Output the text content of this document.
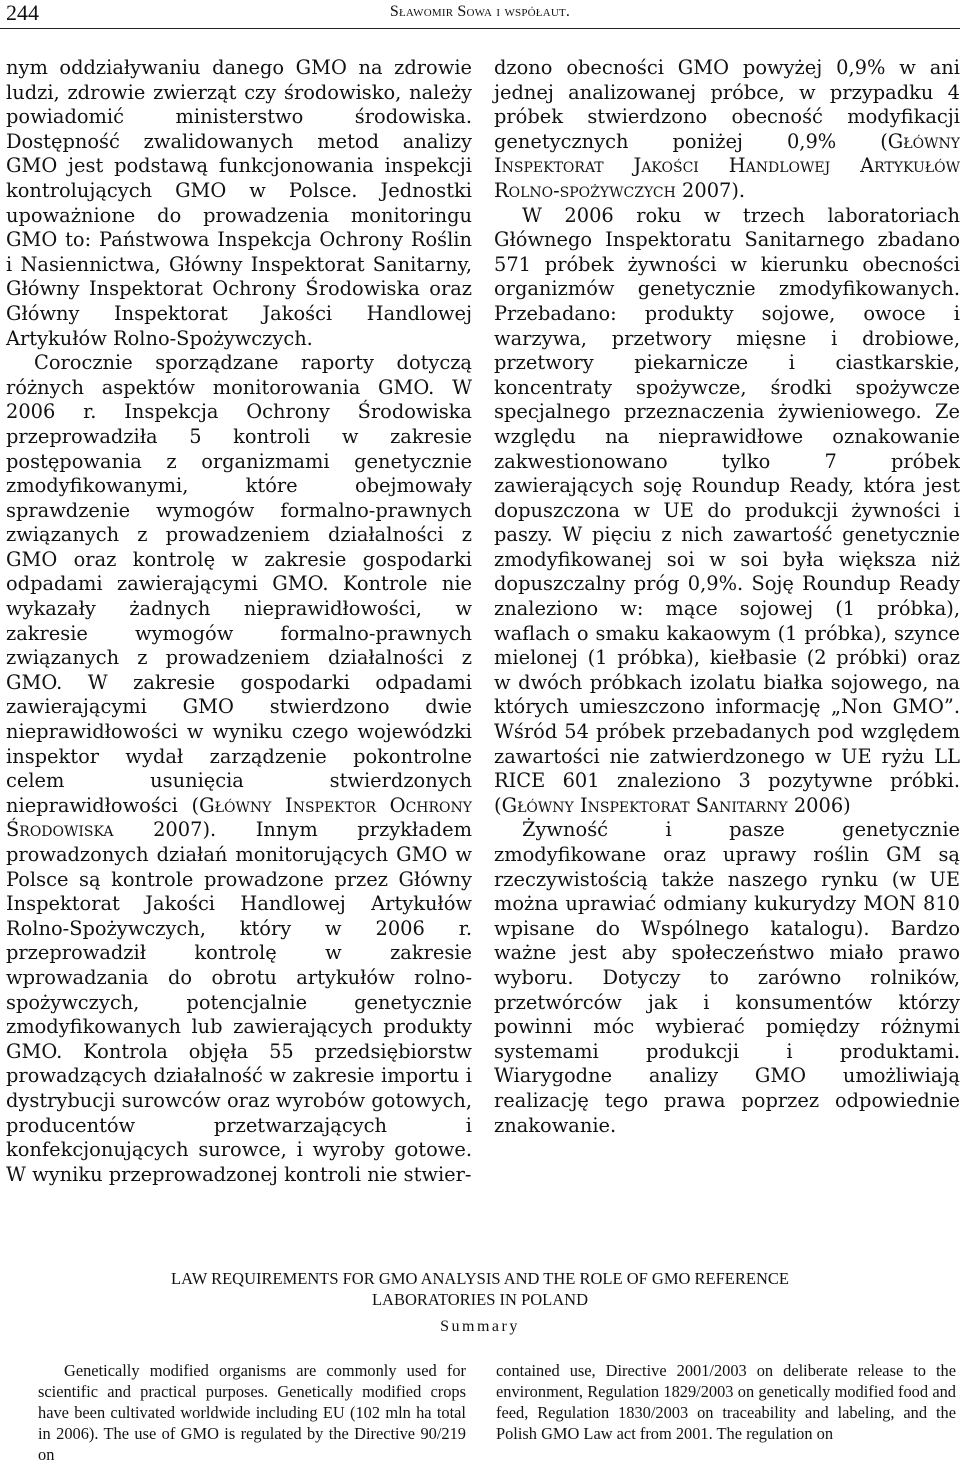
244	Sławomir Sowa i współaut.

nym oddziaływaniu danego GMO na zdrowie ludzi, zdrowie zwierząt czy środowisko, należy powiadomić ministerstwo środowiska. Dostępność zwalidowanych metod analizy GMO jest podstawą funkcjonowania inspekcji kontrolujących GMO w Polsce. Jednostki upoważnione do prowadzenia monitoringu GMO to: Państwowa Inspekcja Ochrony Roślin i Nasiennictwa, Główny Inspektorat Sanitarny, Główny Inspektorat Ochrony Środowiska oraz Główny Inspektorat Jakości Handlowej Artykułów Rolno-Spożywczych.

Corocznie sporządzane raporty dotyczą różnych aspektów monitorowania GMO. W 2006 r. Inspekcja Ochrony Środowiska przeprowadziła 5 kontroli w zakresie postępowania z organizmami genetycznie zmodyfikowanymi, które obejmowały sprawdzenie wymogów formalno-prawnych związanych z prowadzeniem działalności z GMO oraz kontrolę w zakresie gospodarki odpadami zawierającymi GMO. Kontrole nie wykazały żadnych nieprawidłowości, w zakresie wymogów formalno-prawnych związanych z prowadzeniem działalności z GMO. W zakresie gospodarki odpadami zawierającymi GMO stwierdzono dwie nieprawidłowości w wyniku czego wojewódzki inspektor wydał zarządzenie pokontrolne celem usunięcia stwierdzonych nieprawidłowości (Główny Inspektor Ochrony Środowiska 2007). Innym przykładem prowadzonych działań monitorujących GMO w Polsce są kontrole prowadzone przez Główny Inspektorat Jakości Handlowej Artykułów Rolno-Spożywczych, który w 2006 r. przeprowadził kontrolę w zakresie wprowadzania do obrotu artykułów rolno-spożywczych, potencjalnie genetycznie zmodyfikowanych lub zawierających produkty GMO. Kontrola objęła 55 przedsiębiorstw prowadzących działalność w zakresie importu i dystrybucji surowców oraz wyrobów gotowych, producentów przetwarzających i konfekcjonujących surowce, i wyroby gotowe. W wyniku przeprowadzonej kontroli nie stwier-

dzono obecności GMO powyżej 0,9% w ani jednej analizowanej próbce, w przypadku 4 próbek stwierdzono obecność modyfikacji genetycznych poniżej 0,9% (Główny Inspektorat Jakości Handlowej Artykułów Rolno-spożywczych 2007).

W 2006 roku w trzech laboratoriach Głównego Inspektoratu Sanitarnego zbadano 571 próbek żywności w kierunku obecności organizmów genetycznie zmodyfikowanych. Przebadano: produkty sojowe, owoce i warzywa, przetwory mięsne i drobiowe, przetwory piekarnicze i ciastkarskie, koncentraty spożywcze, środki spożywcze specjalnego przeznaczenia żywieniowego. Ze względu na nieprawidłowe oznakowanie zakwestionowano tylko 7 próbek zawierających soję Roundup Ready, która jest dopuszczona w UE do produkcji żywności i paszy. W pięciu z nich zawartość genetycznie zmodyfikowanej soi w soi była większa niż dopuszczalny próg 0,9%. Soję Roundup Ready znaleziono w: mące sojowej (1 próbka), waflach o smaku kakaowym (1 próbka), szynce mielonej (1 próbka), kiełbasie (2 próbki) oraz w dwóch próbkach izolatu białka sojowego, na których umieszczono informację „Non GMO”. Wśród 54 próbek przebadanych pod względem zawartości nie zatwierdzonego w UE ryżu LL RICE 601 znaleziono 3 pozytywne próbki. (Główny Inspektorat Sanitarny 2006)

Żywność i pasze genetycznie zmodyfikowane oraz uprawy roślin GM są rzeczywistością także naszego rynku (w UE można uprawiać odmiany kukurydzy MON 810 wpisane do Wspólnego katalogu). Bardzo ważne jest aby społeczeństwo miało prawo wyboru. Dotyczy to zarówno rolników, przetwórców jak i konsumentów którzy powinni móc wybierać pomiędzy różnymi systemami produkcji i produktami. Wiarygodne analizy GMO umożliwiają realizację tego prawa poprzez odpowiednie znakowanie.

LAW REQUIREMENTS FOR GMO ANALYSIS AND THE ROLE OF GMO REFERENCE
LABORATORIES IN POLAND
Summary

Genetically modified organisms are commonly used for scientific and practical purposes. Genetically modified crops have been cultivated worldwide including EU (102 mln ha total in 2006). The use of GMO is regulated by the Directive 90/219 on

contained use, Directive 2001/2003 on deliberate release to the environment, Regulation 1829/2003 on genetically modified food and feed, Regulation 1830/2003 on traceability and labeling, and the Polish GMO Law act from 2001. The regulation on
